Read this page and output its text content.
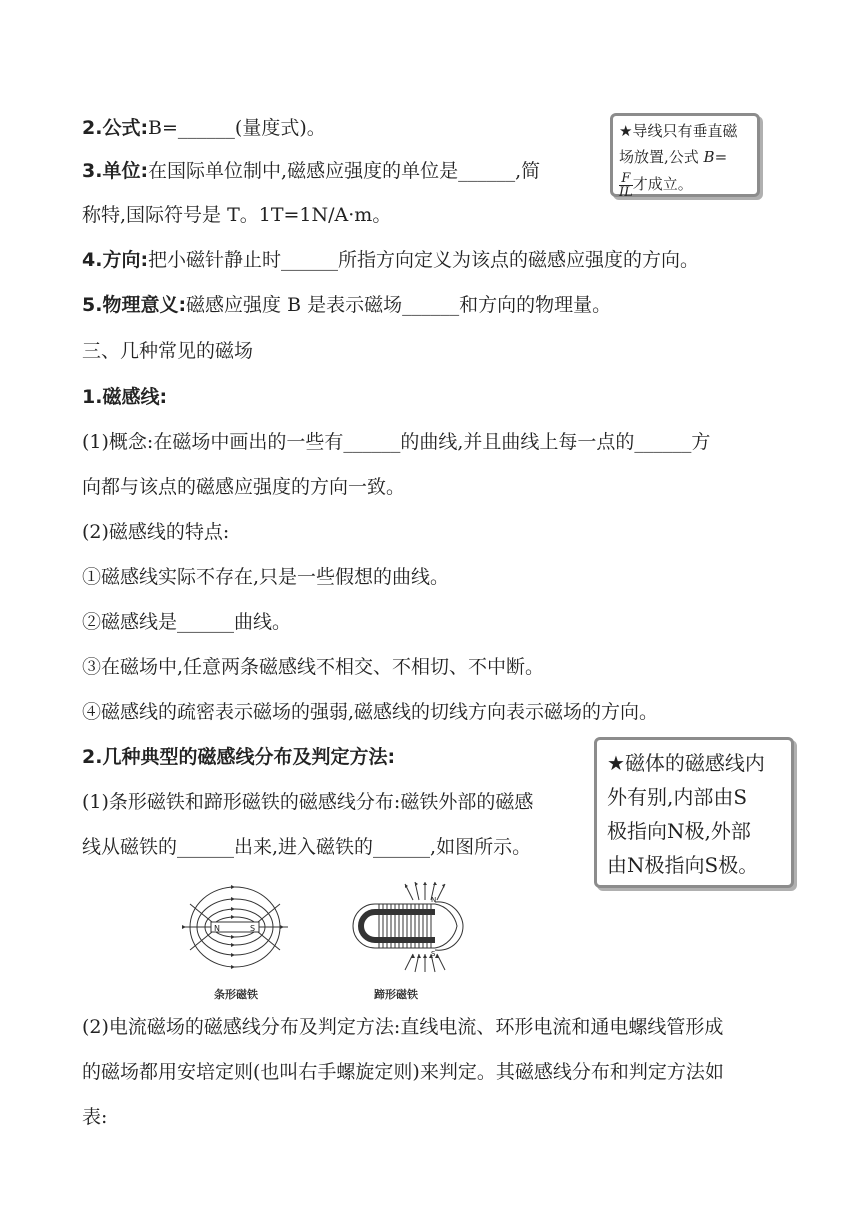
2.公式:B=______(量度式)。
3.单位:在国际单位制中,磁感应强度的单位是______,简
称特,国际符号是 T。1T=1N/A·m。
4.方向:把小磁针静止时______所指方向定义为该点的磁感应强度的方向。
5.物理意义:磁感应强度 B 是表示磁场______和方向的物理量。
三、几种常见的磁场
1.磁感线:
(1)概念:在磁场中画出的一些有______的曲线,并且曲线上每一点的______方
向都与该点的磁感应强度的方向一致。
(2)磁感线的特点:
①磁感线实际不存在,只是一些假想的曲线。
②磁感线是______曲线。
③在磁场中,任意两条磁感线不相交、不相切、不中断。
④磁感线的疏密表示磁场的强弱,磁感线的切线方向表示磁场的方向。
2.几种典型的磁感线分布及判定方法:
(1)条形磁铁和蹄形磁铁的磁感线分布:磁铁外部的磁感
线从磁铁的______出来,进入磁铁的______,如图所示。
(2)电流磁场的磁感线分布及判定方法:直线电流、环形电流和通电螺线管形成
的磁场都用安培定则(也叫右手螺旋定则)来判定。其磁感线分布和判定方法如
表:
★导线只有垂直磁
场放置,公式 B=
$\frac{F}{IL}$ 才成立。
★磁体的磁感线内
外有别,内部由S
极指向N极,外部
由N极指向S极。
N	S
条形磁铁
N
S
蹄形磁铁
